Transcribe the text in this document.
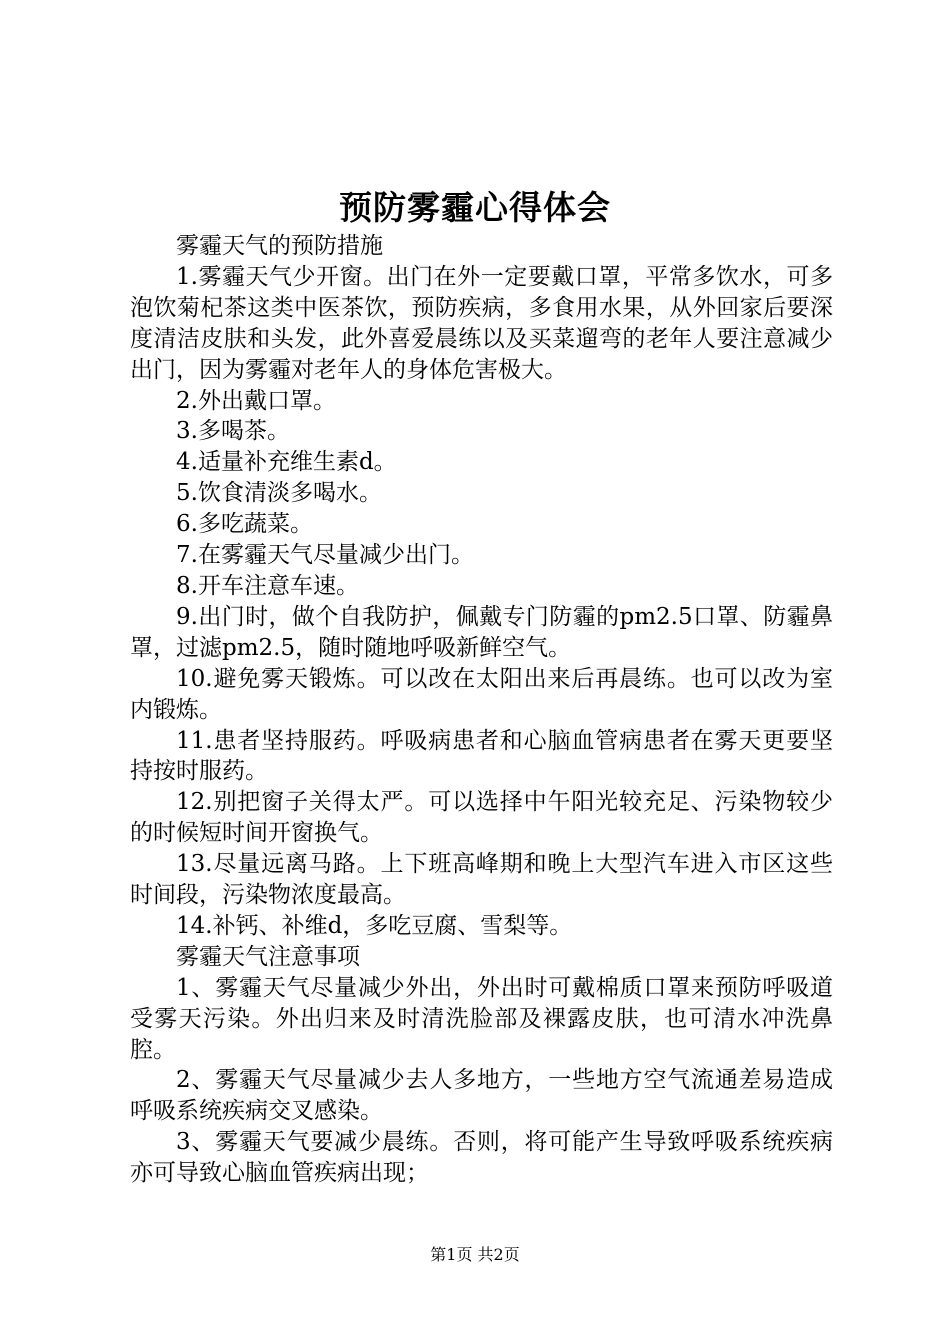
预防雾霾心得体会

雾霾天气的预防措施

1.雾霾天气少开窗。出门在外一定要戴口罩，平常多饮水，可多泡饮菊杞茶这类中医茶饮，预防疾病，多食用水果，从外回家后要深度清洁皮肤和头发，此外喜爱晨练以及买菜遛弯的老年人要注意减少出门，因为雾霾对老年人的身体危害极大。

2.外出戴口罩。

3.多喝茶。

4.适量补充维生素d。

5.饮食清淡多喝水。

6.多吃蔬菜。

7.在雾霾天气尽量减少出门。

8.开车注意车速。

9.出门时，做个自我防护，佩戴专门防霾的pm2.5口罩、防霾鼻罩，过滤pm2.5，随时随地呼吸新鲜空气。

10.避免雾天锻炼。可以改在太阳出来后再晨练。也可以改为室内锻炼。

11.患者坚持服药。呼吸病患者和心脑血管病患者在雾天更要坚持按时服药。

12.别把窗子关得太严。可以选择中午阳光较充足、污染物较少的时候短时间开窗换气。

13.尽量远离马路。上下班高峰期和晚上大型汽车进入市区这些时间段，污染物浓度最高。

14.补钙、补维d，多吃豆腐、雪梨等。

雾霾天气注意事项

1、雾霾天气尽量减少外出，外出时可戴棉质口罩来预防呼吸道受雾天污染。外出归来及时清洗脸部及裸露皮肤，也可清水冲洗鼻腔。

2、雾霾天气尽量减少去人多地方，一些地方空气流通差易造成呼吸系统疾病交叉感染。

3、雾霾天气要减少晨练。否则，将可能产生导致呼吸系统疾病亦可导致心脑血管疾病出现；

第1页 共2页
